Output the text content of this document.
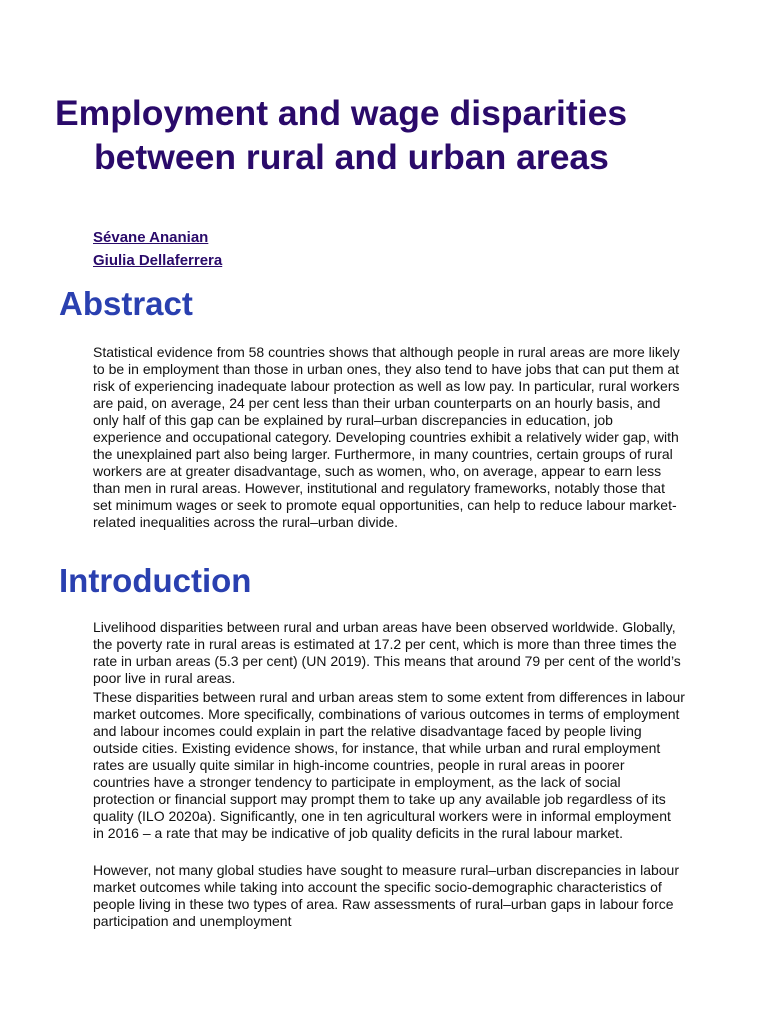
Employment and wage disparities between rural and urban areas
Sévane Ananian
Giulia Dellaferrera
Abstract

Statistical evidence from 58 countries shows that although people in rural areas are more likely to be in employment than those in urban ones, they also tend to have jobs that can put them at risk of experiencing inadequate labour protection as well as low pay. In particular, rural workers are paid, on average, 24 per cent less than their urban counterparts on an hourly basis, and only half of this gap can be explained by rural–urban discrepancies in education, job experience and occupational category. Developing countries exhibit a relatively wider gap, with the unexplained part also being larger. Furthermore, in many countries, certain groups of rural workers are at greater disadvantage, such as women, who, on average, appear to earn less than men in rural areas. However, institutional and regulatory frameworks, notably those that set minimum wages or seek to promote equal opportunities, can help to reduce labour market-related inequalities across the rural–urban divide.

Introduction

Livelihood disparities between rural and urban areas have been observed worldwide. Globally, the poverty rate in rural areas is estimated at 17.2 per cent, which is more than three times the rate in urban areas (5.3 per cent) (UN 2019). This means that around 79 per cent of the world’s poor live in rural areas.

These disparities between rural and urban areas stem to some extent from differences in labour market outcomes. More specifically, combinations of various outcomes in terms of employment and labour incomes could explain in part the relative disadvantage faced by people living outside cities. Existing evidence shows, for instance, that while urban and rural employment rates are usually quite similar in high-income countries, people in rural areas in poorer countries have a stronger tendency to participate in employment, as the lack of social protection or financial support may prompt them to take up any available job regardless of its quality (ILO 2020a). Significantly, one in ten agricultural workers were in informal employment in 2016 – a rate that may be indicative of job quality deficits in the rural labour market.

However, not many global studies have sought to measure rural–urban discrepancies in labour market outcomes while taking into account the specific socio-demographic characteristics of people living in these two types of area. Raw assessments of rural–urban gaps in labour force participation and unemployment
